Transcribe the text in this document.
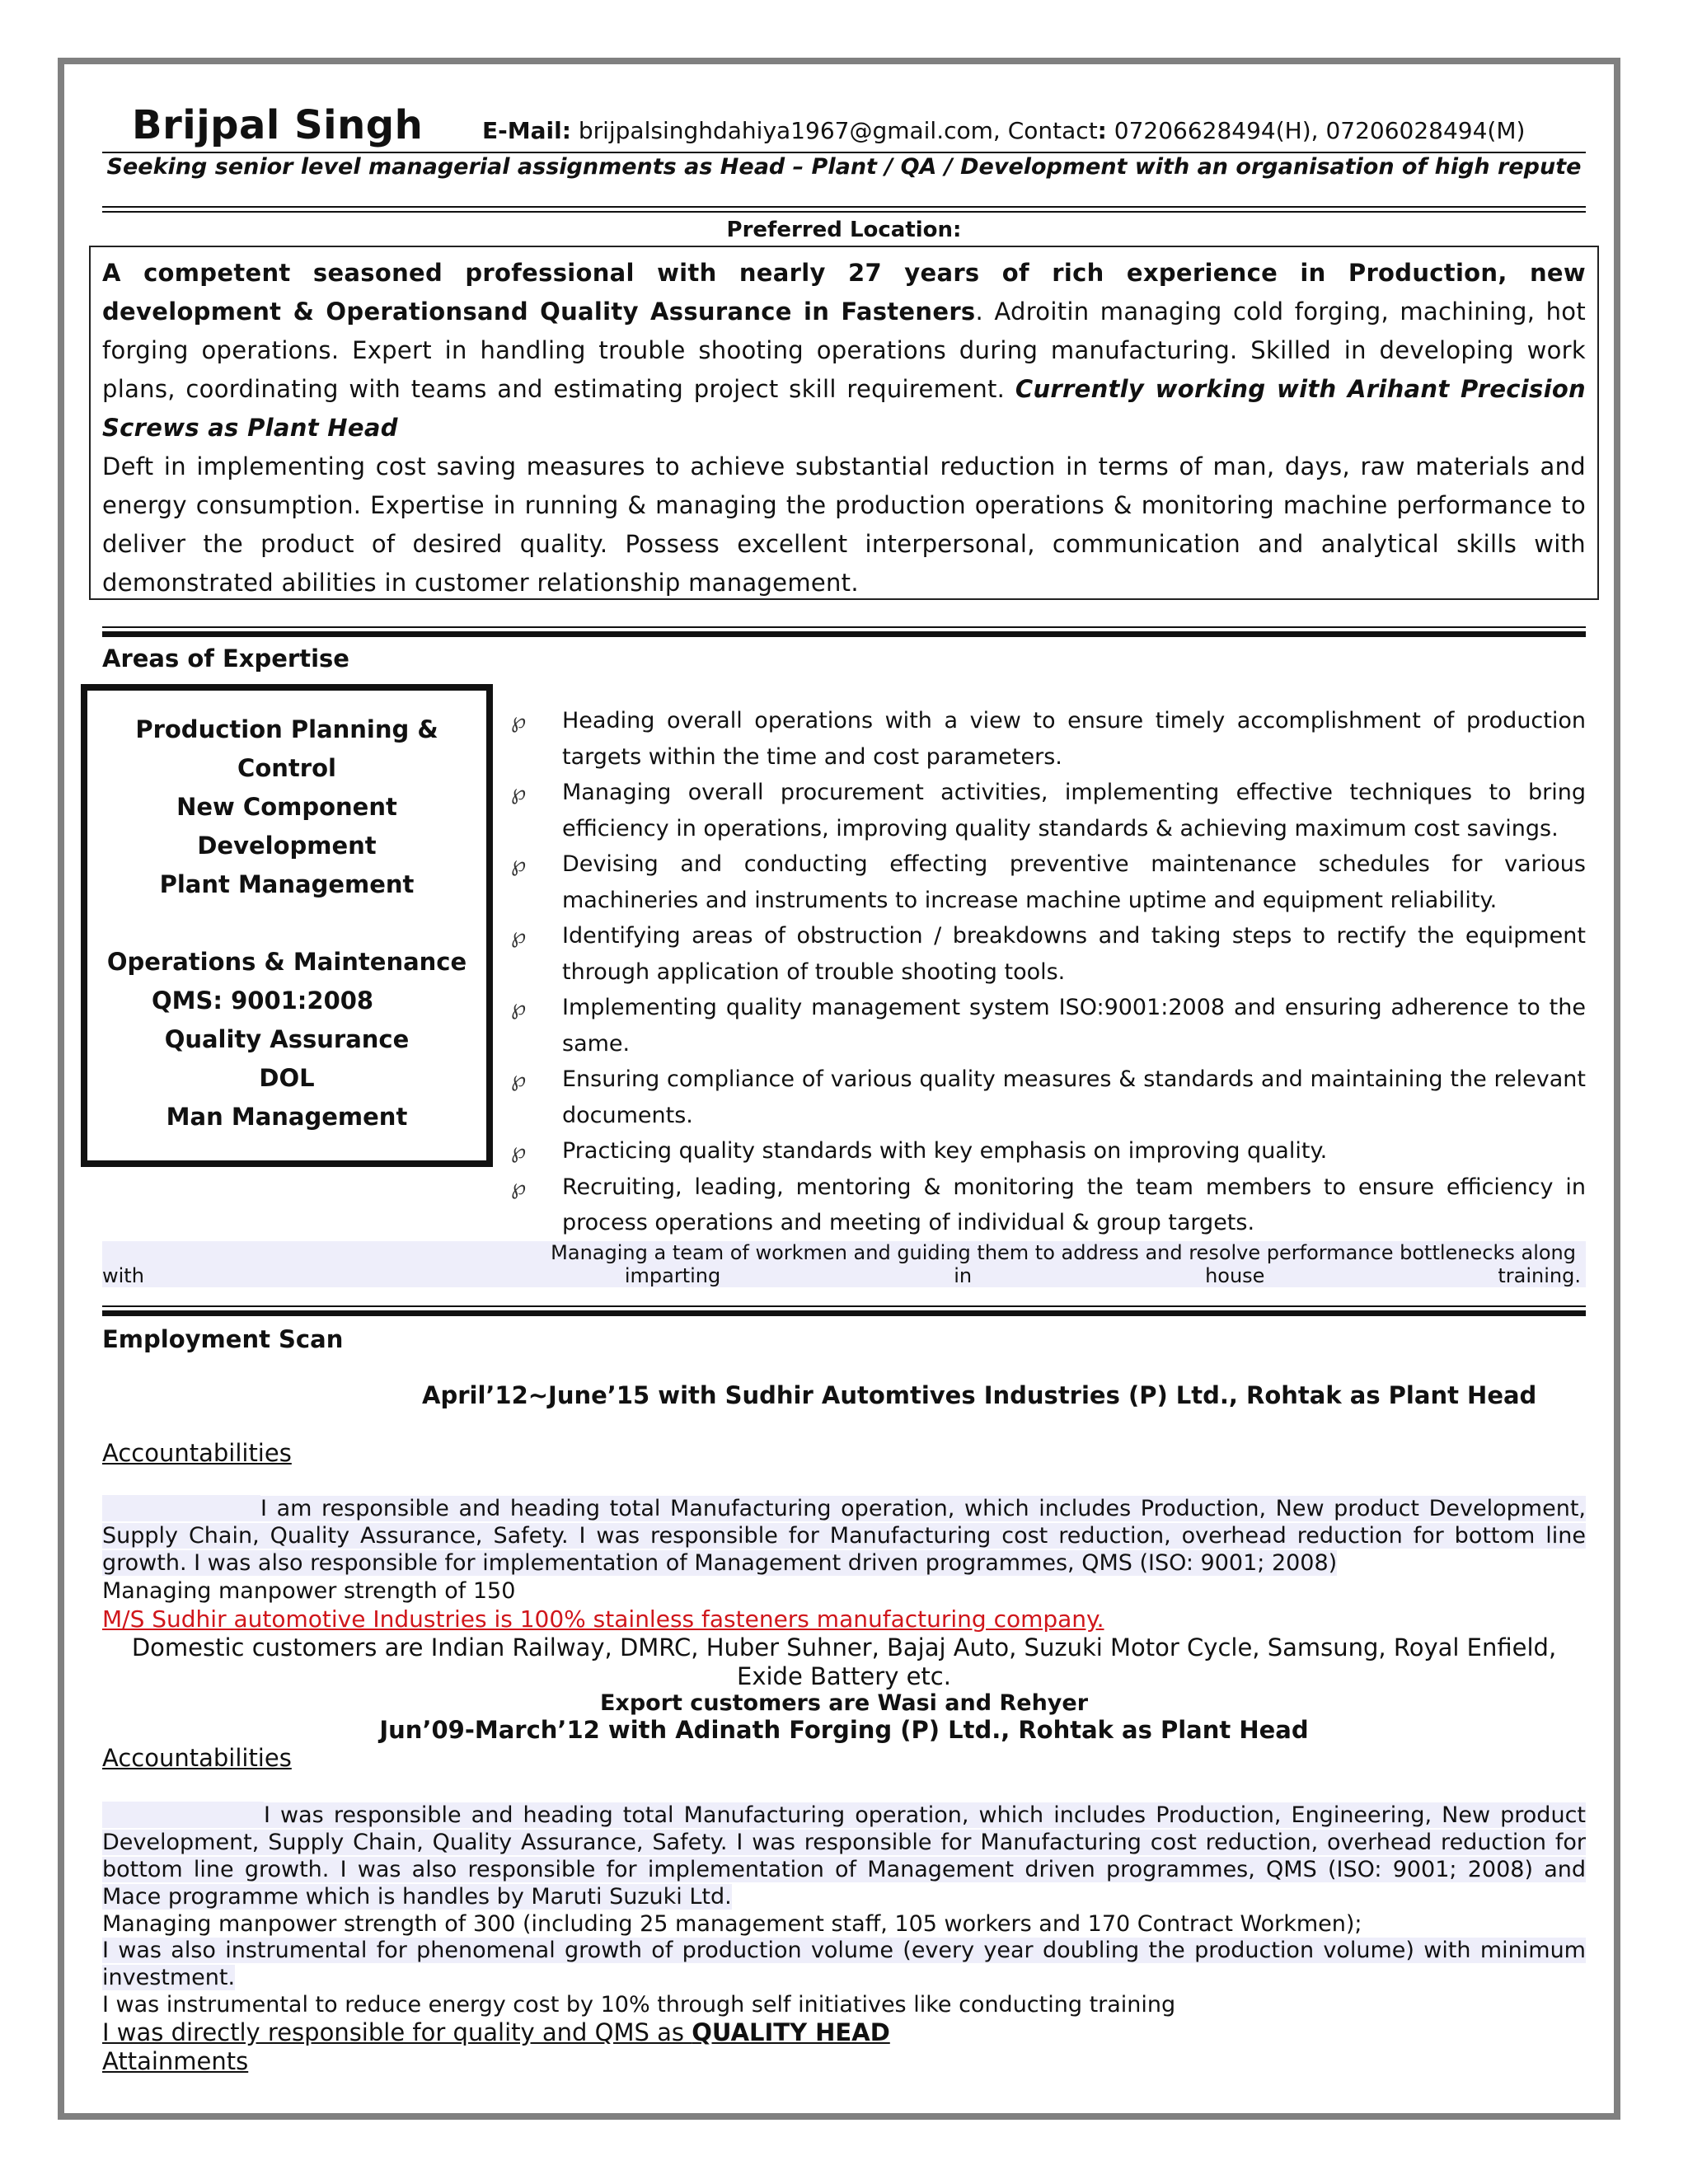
Brijpal Singh	E-Mail: brijpalsinghdahiya1967@gmail.com, Contact: 07206628494(H), 07206028494(M)
Seeking senior level managerial assignments as Head – Plant / QA / Development with an organisation of high repute
Preferred Location:

A competent seasoned professional with nearly 27 years of rich experience in Production, new development & Operationsand Quality Assurance in Fasteners. Adroitin managing cold forging, machining, hot forging operations. Expert in handling trouble shooting operations during manufacturing. Skilled in developing work plans, coordinating with teams and estimating project skill requirement. Currently working with Arihant Precision Screws as Plant Head

Deft in implementing cost saving measures to achieve substantial reduction in terms of man, days, raw materials and energy consumption. Expertise in running & managing the production operations & monitoring machine performance to deliver the product of desired quality. Possess excellent interpersonal, communication and analytical skills with demonstrated abilities in customer relationship management.

Areas of Expertise
Production Planning & Control
New Component Development
Plant Management
Operations & Maintenance
QMS: 9001:2008
Quality Assurance
DOL
Man Management
℘ Heading overall operations with a view to ensure timely accomplishment of production targets within the time and cost parameters.
℘ Managing overall procurement activities, implementing effective techniques to bring efficiency in operations, improving quality standards & achieving maximum cost savings.
℘ Devising and conducting effecting preventive maintenance schedules for various machineries and instruments to increase machine uptime and equipment reliability.
℘ Identifying areas of obstruction / breakdowns and taking steps to rectify the equipment through application of trouble shooting tools.
℘ Implementing quality management system ISO:9001:2008 and ensuring adherence to the same.
℘ Ensuring compliance of various quality measures & standards and maintaining the relevant documents.
℘ Practicing quality standards with key emphasis on improving quality.
℘ Recruiting, leading, mentoring & monitoring the team members to ensure efficiency in process operations and meeting of individual & group targets.
Managing a team of workmen and guiding them to address and resolve performance bottlenecks along
with	imparting	in	house	training.
Employment Scan
April’12~June’15 with Sudhir Automtives Industries (P) Ltd., Rohtak as Plant Head
Accountabilities
I am responsible and heading total Manufacturing operation, which includes Production, New product Development, Supply Chain, Quality Assurance, Safety. I was responsible for Manufacturing cost reduction, overhead reduction for bottom line growth. I was also responsible for implementation of Management driven programmes, QMS (ISO: 9001; 2008)
Managing manpower strength of 150
M/S Sudhir automotive Industries is 100% stainless fasteners manufacturing company.
Domestic customers are Indian Railway, DMRC, Huber Suhner, Bajaj Auto, Suzuki Motor Cycle, Samsung, Royal Enfield, Exide Battery etc.
Export customers are Wasi and Rehyer
Jun’09-March’12 with Adinath Forging (P) Ltd., Rohtak as Plant Head
Accountabilities
I was responsible and heading total Manufacturing operation, which includes Production, Engineering, New product Development, Supply Chain, Quality Assurance, Safety. I was responsible for Manufacturing cost reduction, overhead reduction for bottom line growth. I was also responsible for implementation of Management driven programmes, QMS (ISO: 9001; 2008) and Mace programme which is handles by Maruti Suzuki Ltd.
Managing manpower strength of 300 (including 25 management staff, 105 workers and 170 Contract Workmen);
I was also instrumental for phenomenal growth of production volume (every year doubling the production volume) with minimum investment.
I was instrumental to reduce energy cost by 10% through self initiatives like conducting training
I was directly responsible for quality and QMS as QUALITY HEAD
Attainments
